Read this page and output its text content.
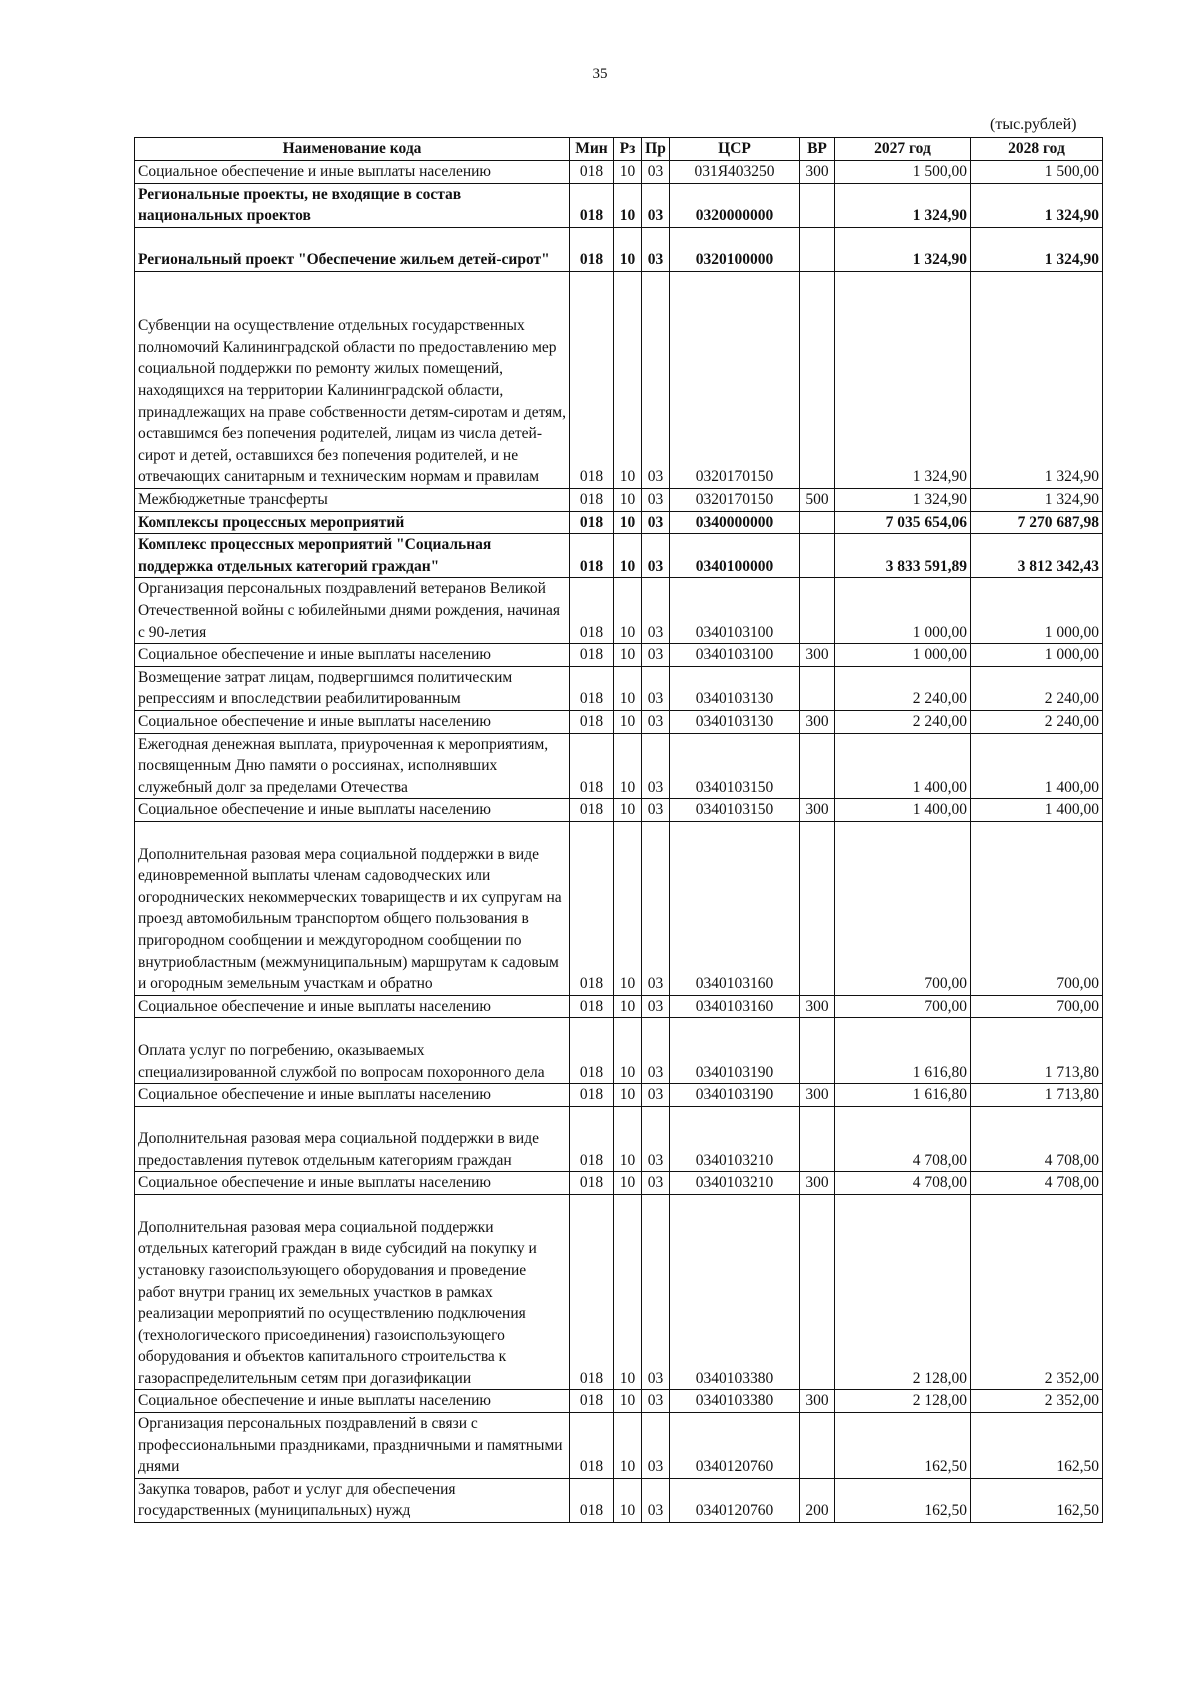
35
(тыс.рублей)
Наименование кода	Мин	Рз	Пр	ЦСР	ВР	2027 год	2028 год
Социальное обеспечение и иные выплаты населению	018	10	03	031Я403250	300	1 500,00	1 500,00
Региональные проекты, не входящие в состав национальных проектов	018	10	03	0320000000		1 324,90	1 324,90
Региональный проект "Обеспечение жильем детей-сирот"	018	10	03	0320100000		1 324,90	1 324,90
Субвенции на осуществление отдельных государственных полномочий Калининградской области по предоставлению мер социальной поддержки по ремонту жилых помещений, находящихся на территории Калининградской области, принадлежащих на праве собственности детям-сиротам и детям, оставшимся без попечения родителей, лицам из числа детей-сирот и детей, оставшихся без попечения родителей, и не отвечающих санитарным и техническим нормам и правилам	018	10	03	0320170150		1 324,90	1 324,90
Межбюджетные трансферты	018	10	03	0320170150	500	1 324,90	1 324,90
Комплексы процессных мероприятий	018	10	03	0340000000		7 035 654,06	7 270 687,98
Комплекс процессных мероприятий "Социальная поддержка отдельных категорий граждан"	018	10	03	0340100000		3 833 591,89	3 812 342,43
Организация персональных поздравлений ветеранов Великой Отечественной войны с юбилейными днями рождения, начиная с 90-летия	018	10	03	0340103100		1 000,00	1 000,00
Социальное обеспечение и иные выплаты населению	018	10	03	0340103100	300	1 000,00	1 000,00
Возмещение затрат лицам, подвергшимся политическим репрессиям и впоследствии реабилитированным	018	10	03	0340103130		2 240,00	2 240,00
Социальное обеспечение и иные выплаты населению	018	10	03	0340103130	300	2 240,00	2 240,00
Ежегодная денежная выплата, приуроченная к мероприятиям, посвященным Дню памяти о россиянах, исполнявших служебный долг за пределами Отечества	018	10	03	0340103150		1 400,00	1 400,00
Социальное обеспечение и иные выплаты населению	018	10	03	0340103150	300	1 400,00	1 400,00
Дополнительная разовая мера социальной поддержки в виде единовременной выплаты членам садоводческих или огороднических некоммерческих товариществ и их супругам на проезд автомобильным транспортом общего пользования в пригородном сообщении и междугородном сообщении по внутриобластным (межмуниципальным) маршрутам к садовым и огородным земельным участкам и обратно	018	10	03	0340103160		700,00	700,00
Социальное обеспечение и иные выплаты населению	018	10	03	0340103160	300	700,00	700,00
Оплата услуг по погребению, оказываемых специализированной службой по вопросам похоронного дела	018	10	03	0340103190		1 616,80	1 713,80
Социальное обеспечение и иные выплаты населению	018	10	03	0340103190	300	1 616,80	1 713,80
Дополнительная разовая мера социальной поддержки в виде предоставления путевок отдельным категориям граждан	018	10	03	0340103210		4 708,00	4 708,00
Социальное обеспечение и иные выплаты населению	018	10	03	0340103210	300	4 708,00	4 708,00
Дополнительная разовая мера социальной поддержки отдельных категорий граждан в виде субсидий на покупку и установку газоиспользующего оборудования и проведение работ внутри границ их земельных участков в рамках реализации мероприятий по осуществлению подключения (технологического присоединения) газоиспользующего оборудования и объектов капитального строительства к газораспределительным сетям при догазификации	018	10	03	0340103380		2 128,00	2 352,00
Социальное обеспечение и иные выплаты населению	018	10	03	0340103380	300	2 128,00	2 352,00
Организация персональных поздравлений в связи с профессиональными праздниками, праздничными и памятными днями	018	10	03	0340120760		162,50	162,50
Закупка товаров, работ и услуг для обеспечения государственных (муниципальных) нужд	018	10	03	0340120760	200	162,50	162,50
